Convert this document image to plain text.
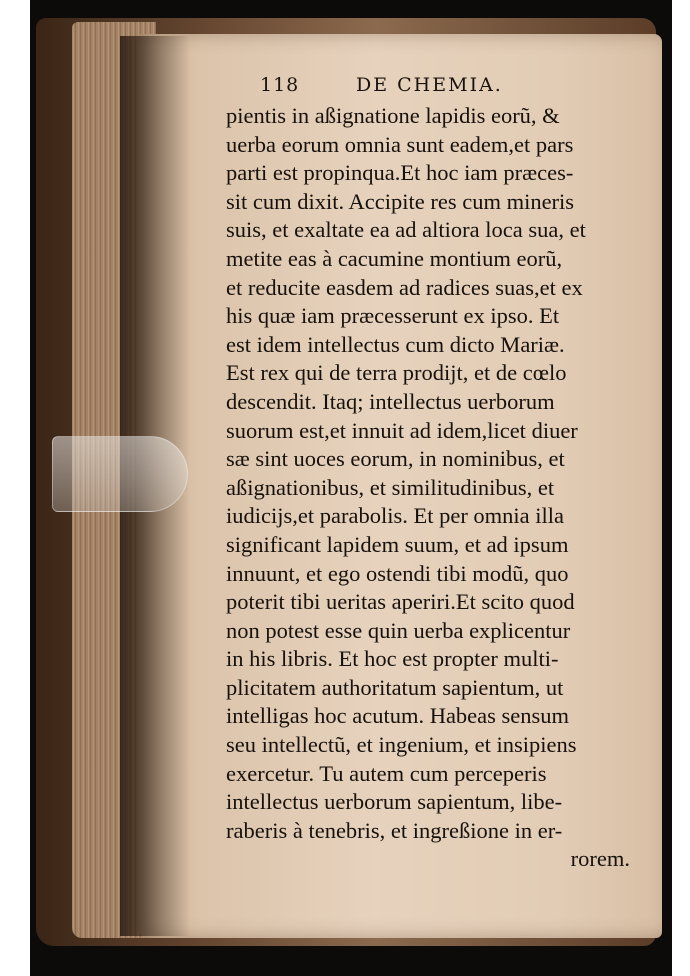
118	DE CHEMIA.
pientis in aßignatione lapidis eorũ, &
uerba eorum omnia sunt eadem,et pars
parti est propinqua.Et hoc iam præces-
sit cum dixit. Accipite res cum mineris
suis, et exaltate ea ad altiora loca sua, et
metite eas à cacumine montium eorũ,
et reducite easdem ad radices suas,et ex
his quæ iam præcesserunt ex ipso. Et
est idem intellectus cum dicto Mariæ.
Est rex qui de terra prodijt, et de cœlo
descendit. Itaq; intellectus uerborum
suorum est,et innuit ad idem,licet diuer
sæ sint uoces eorum, in nominibus, et
aßignationibus, et similitudinibus, et
iudicijs,et parabolis. Et per omnia illa
significant lapidem suum, et ad ipsum
innuunt, et ego ostendi tibi modũ, quo
poterit tibi ueritas aperiri.Et scito quod
non potest esse quin uerba explicentur
in his libris. Et hoc est propter multi-
plicitatem authoritatum sapientum, ut
intelligas hoc acutum. Habeas sensum
seu intellectũ, et ingenium, et insipiens
exercetur. Tu autem cum perceperis
intellectus uerborum sapientum, libe-
raberis à tenebris, et ingreßione in er-
rorem.
